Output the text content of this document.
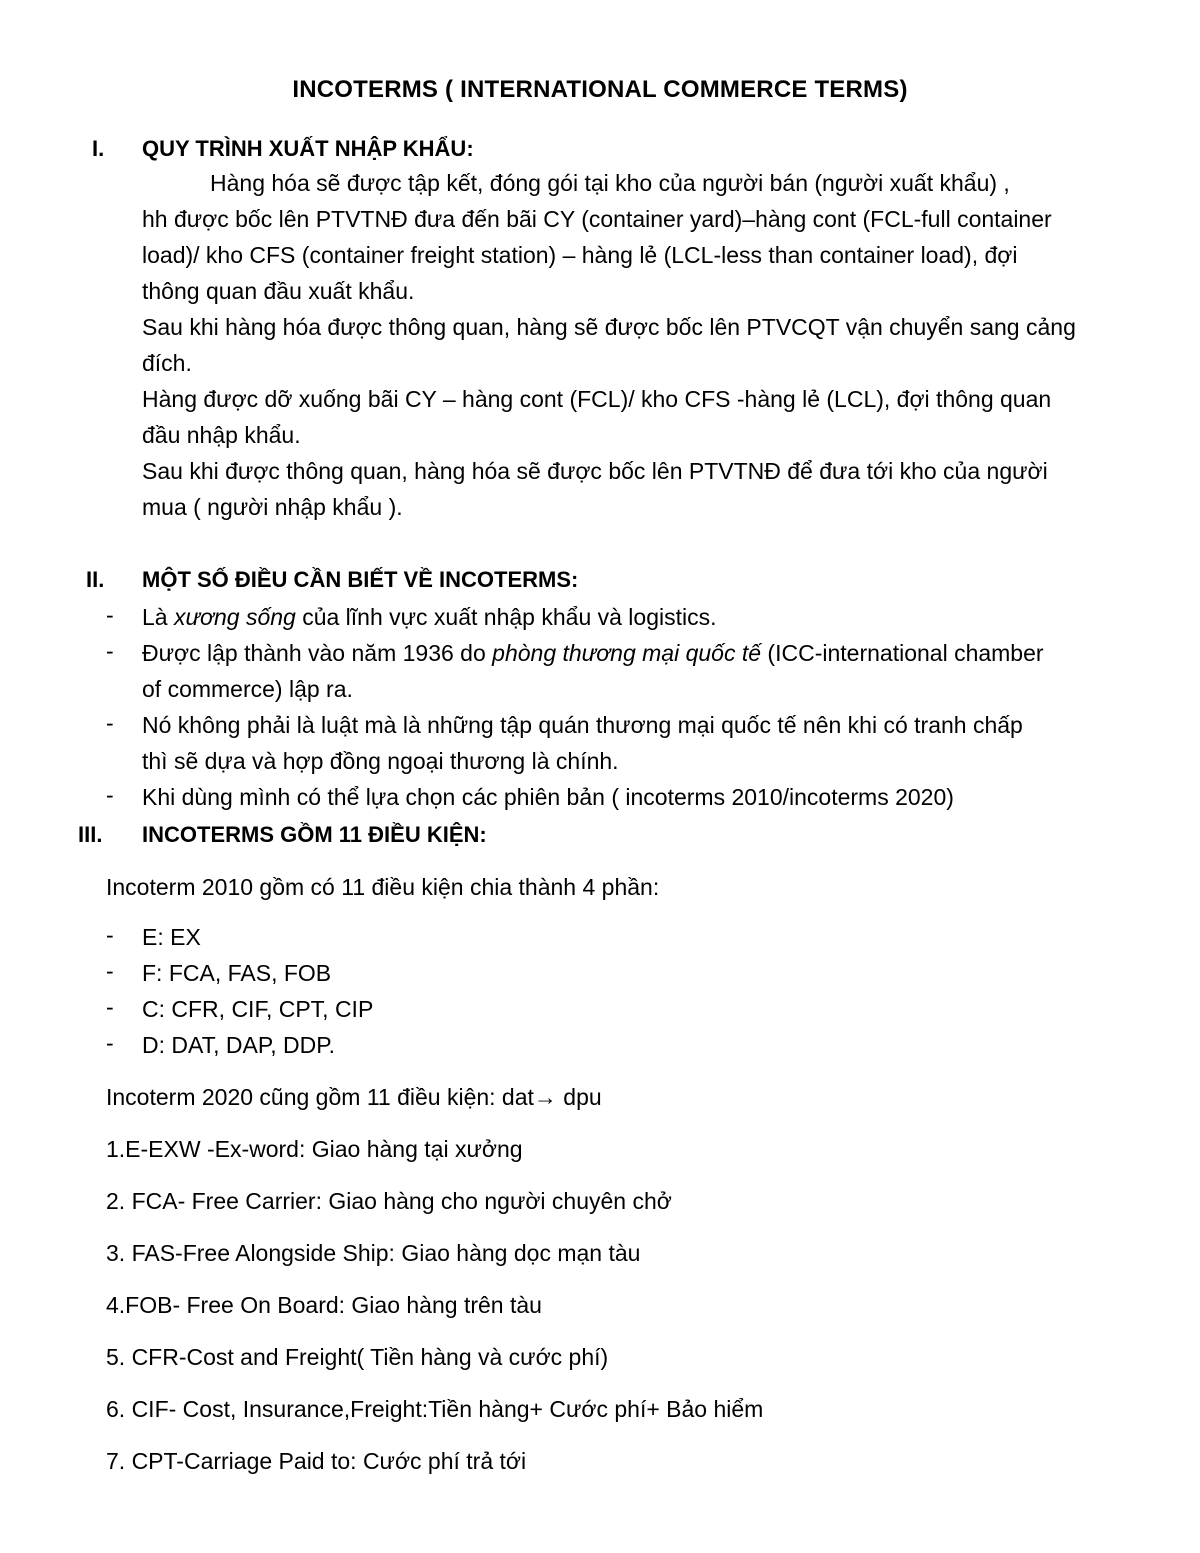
INCOTERMS ( INTERNATIONAL COMMERCE TERMS)
I. QUY TRÌNH XUẤT NHẬP KHẨU:
Hàng hóa sẽ được tập kết, đóng gói tại kho của người bán (người xuất khẩu) ,
hh được bốc lên PTVTNĐ đưa đến bãi CY (container yard)–hàng cont (FCL-full container
load)/ kho CFS (container freight station) – hàng lẻ (LCL-less than container load), đợi
thông quan đầu xuất khẩu.
Sau khi hàng hóa được thông quan, hàng sẽ được bốc lên PTVCQT vận chuyển sang cảng
đích.
Hàng được dỡ xuống bãi CY – hàng cont (FCL)/ kho CFS -hàng lẻ (LCL), đợi thông quan
đầu nhập khẩu.
Sau khi được thông quan, hàng hóa sẽ được bốc lên PTVTNĐ để đưa tới kho của người
mua ( người nhập khẩu ).
II. MỘT SỐ ĐIỀU CẦN BIẾT VỀ INCOTERMS:
- Là xương sống của lĩnh vực xuất nhập khẩu và logistics.
- Được lập thành vào năm 1936 do phòng thương mại quốc tế (ICC-international chamber
of commerce) lập ra.
- Nó không phải là luật mà là những tập quán thương mại quốc tế nên khi có tranh chấp
thì sẽ dựa và hợp đồng ngoại thương là chính.
- Khi dùng mình có thể lựa chọn các phiên bản ( incoterms 2010/incoterms 2020)
III. INCOTERMS GỒM 11 ĐIỀU KIỆN:
Incoterm 2010 gồm có 11 điều kiện chia thành 4 phần:
- E: EX
- F: FCA, FAS, FOB
- C: CFR, CIF, CPT, CIP
- D: DAT, DAP, DDP.
Incoterm 2020 cũng gồm 11 điều kiện: dat→ dpu
1.E-EXW -Ex-word: Giao hàng tại xưởng
2. FCA- Free Carrier: Giao hàng cho người chuyên chở
3. FAS-Free Alongside Ship: Giao hàng dọc mạn tàu
4.FOB- Free On Board: Giao hàng trên tàu
5. CFR-Cost and Freight( Tiền hàng và cước phí)
6. CIF- Cost, Insurance,Freight:Tiền hàng+ Cước phí+ Bảo hiểm
7. CPT-Carriage Paid to: Cước phí trả tới
